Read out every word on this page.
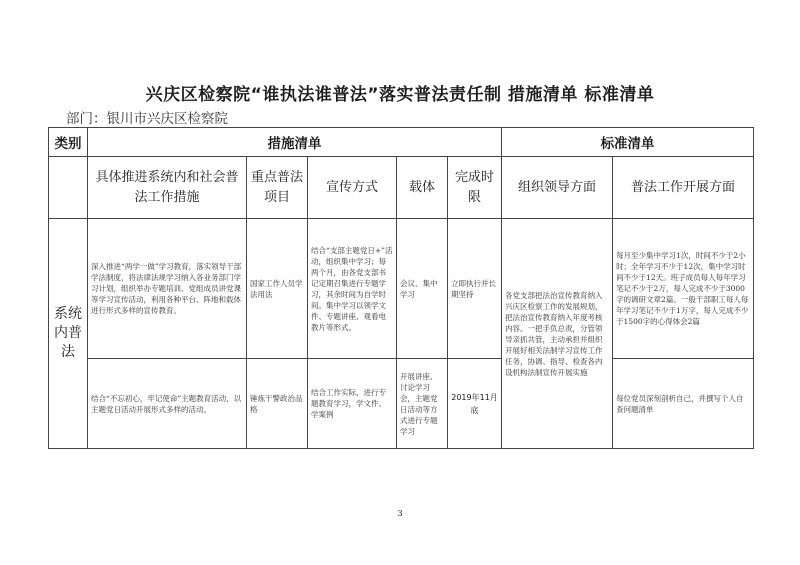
兴庆区检察院“谁执法谁普法”落实普法责任制 措施清单 标准清单
部门：银川市兴庆区检察院
类别	措施清单					标准清单	
	具体推进系统内和社会普法工作措施	重点普法项目	宣传方式	载体	完成时限	组织领导方面	普法工作开展方面
系统内普法	深入推进“两学一做”学习教育，落实领导干部学法制度，将法律法规学习纳入各业务部门学习计划，组织举办专题培训、党组成员讲党课等学习宣传活动，利用各种平台、阵地和载体进行形式多样的宣传教育。	国家工作人员学法用法	结合“支部主题党日+”活动，组织集中学习；每两个月，由各党支部书记定期召集进行专题学习，其余时间为自学时间。集中学习以领学文件、专题讲座、观看电教片等形式。	会议、集中学习	立即执行并长期坚持	各党支部把法治宣传教育纳入兴庆区检察工作的发展规划，把法治宣传教育纳入年度考核内容。一把手负总责，分管领导亲抓共管，主动承担并组织开展好相关法制学习宣传工作任务，协调、指导、检查各内设机构法制宣传开展实施	每月至少集中学习1次，时间不少于2小时；全年学习不少于12次，集中学习时间不少于12天。班子成员每人每年学习笔记不少于2万，每人完成不少于3000字的调研文章2篇。一般干部职工每人每年学习笔记不少于1万字，每人完成不少于1500字的心得体会2篇
	结合“不忘初心，牢记使命”主题教育活动，以主题党日活动开展形式多样的活动。	锤炼干警政治品格	结合工作实际，进行专题教育学习，学文件、学案例	开展讲座、讨论学习会，主题党日活动等方式进行专题学习	2019年11月底		每位党员深刻剖析自己，并撰写个人自查问题清单
3
